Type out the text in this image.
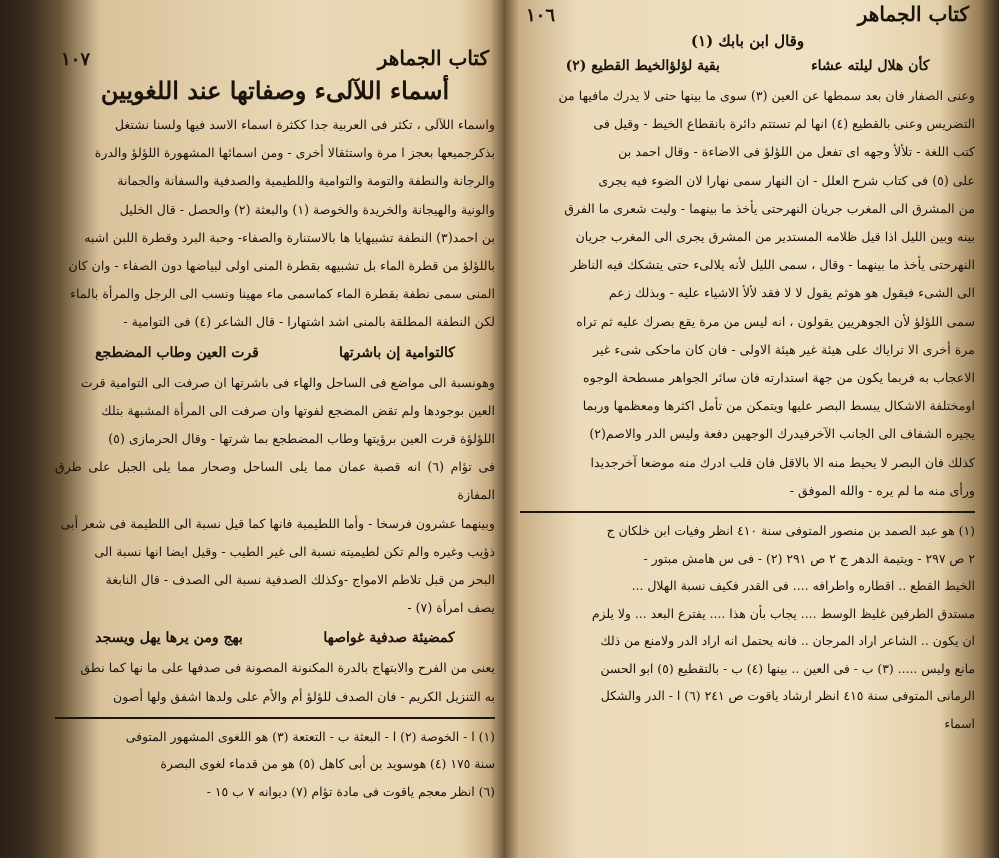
كتاب الجماهر
١٠٧
أسماء اللآلىء وصفاتها عند اللغويين

واسماء اللآلى ، تكثر فى العربية جدا ككثرة اسماء الاسد فيها ولسنا نشتغل

بذكرجميعها بعجز ا مرة واستثقالا أخرى - ومن اسمائها المشهورة اللؤلؤ والدرة

والرجانة والنطفة والتومة والتوامية واللطيمية والصدفية والسفانة والجمانة

والونية والهيجانة والخريدة والخوصة (١) والبعثة (٢) والحصل - قال الخليل

بن احمد(٣) النطفة تشبيهايا ها بالاستنارة والصفاء- وحبة البرد وقطرة اللبن اشبه

باللؤلؤ من قطرة الماء بل تشبيهه بقطرة المنى اولى لبياضها دون الصفاء - وان كان

المنى سمى نطفة بقطرة الماء كماسمى ماء مهينا ونسب الى الرجل والمرأة بالماء

لكن النطفة المطلقة بالمنى اشد اشتهارا - قال الشاعر (٤) فى التوامية -

كالتوامية إن باشرتها
قرت العين وطاب المضطجع

وهونسبة الى مواضع فى الساحل والهاء فى باشرتها ان صرفت الى التوامية قرت

العين بوجودها ولم تقض المضجع لفوتها وان صرفت الى المرأة المشبهة بتلك

اللؤلؤة قرت العين برؤيتها وطاب المضطجع بما شرتها - وقال الحرمازى (٥)

فى تؤام (٦) انه قصبة عمان مما يلى الساحل وصحار مما يلى الجبل على طرق المفازة

وبينهما عشرون فرسخا - وأما اللطيمية فانها كما قيل نسبة الى اللطيمة فى شعر أبى

ذؤيب وغيره والم تكن لطيميته نسبة الى غير الطيب - وقيل ايضا انها نسبة الى

البحر من قبل تلاطم الامواج -وكذلك الصدفية نسبة الى الصدف - قال النابغة

يصف امرأة (٧) -

كمضيئة صدفية غواصها
بهج ومن يرها يهل ويسجد

يعنى من الفرح والابتهاج بالدرة المكنونة المصونة فى صدفها على ما نها كما نطق

به التنزيل الكريم - فان الصدف للؤلؤ أم والأم على ولدها اشفق ولها أصون

(١) ا - الخوصة (٢) ا - البعثة ب - التعتعة (٣) هو اللغوى المشهور المتوفى

سنة ١٧٥ (٤) هوسويد بن أبى كاهل (٥) هو من قدماء لغوى البصرة

(٦) انظر معجم ياقوت فى مادة تؤام (٧) ديوانه ٧ ب ١٥ -

كتاب الجماهر
١٠٦
وقال ابن بابك (١)
كأن هلال ليلته عشاء
بقية لؤلؤالخيط القطيع (٢)

وعنى الصفار فان بعد سمطها عن العين (٣) سوى ما بينها حتى لا يدرك مافيها من

التضريس وعنى بالقطيع (٤) انها لم تستتم دائرة بانقطاع الخيط - وقيل فى

كتب اللغة - تلألأ وجهه اى تفعل من اللؤلؤ فى الاضاءة - وقال احمد بن

على (٥) فى كتاب شرح العلل - ان النهار سمى نهارا لان الضوء فيه يجرى

من المشرق الى المغرب جريان النهرحتى يأخذ ما بينهما - وليت شعرى ما الفرق

بينه وبين الليل اذا قيل ظلامه المستدير من المشرق يجرى الى المغرب جريان

النهرحتى يأخذ ما بينهما - وقال ، سمى الليل لأنه يلالىء حتى يتشكك فيه الناظر

الى الشىء فيقول هو هوثم يقول لا لا فقد لألأ الاشياء عليه - وبذلك زعم

سمى اللؤلؤ لأن الجوهريين يقولون ، انه ليس من مرة يقع بصرك عليه ثم تراه

مرة أخرى الا تراياك على هيئة غير هيئة الاولى - فان كان ماحكى شىء غير

الاعجاب به فربما يكون من جهة استدارته فان سائر الجواهر مسطحة الوجوه

اومختلفة الاشكال يبسط البصر عليها ويتمكن من تأمل اكثرها ومعظمها وربما

يجيره الشفاف الى الجانب الآخرفيدرك الوجهين دفعة وليس الدر والاصم(٢)

كذلك فان البصر لا يحيط منه الا بالاقل فان قلب ادرك منه موضعا آخرجديدا

ورأى منه ما لم يره - والله الموفق -

(١) هو عبد الصمد بن منصور المتوفى سنة ٤١٠ انظر وفيات ابن خلكان ج

٢ ص ٢٩٧ - ويتيمة الدهر ج ٢ ص ٢٩١ (٢) - فى س هامش مبتور -

الخيط القطع .. اقطاره واطرافه .... فى القدر فكيف نسبة الهلال ...

مستدق الطرفين غليظ الوسط .... يجاب بأن هذا .... يفترع البعد ... ولا يلزم

ان يكون .. الشاعر اراد المرجان .. فانه يحتمل انه اراد الدر ولامنع من ذلك

مانع وليس ..... (٣) ب - فى العين .. بينها (٤) ب - بالتقطيع (٥) ابو الحسن

الرمانى المتوفى سنة ٤١٥ انظر ارشاد ياقوت ص ٢٤١ (٦) ا - الدر والشكل

اسماء
